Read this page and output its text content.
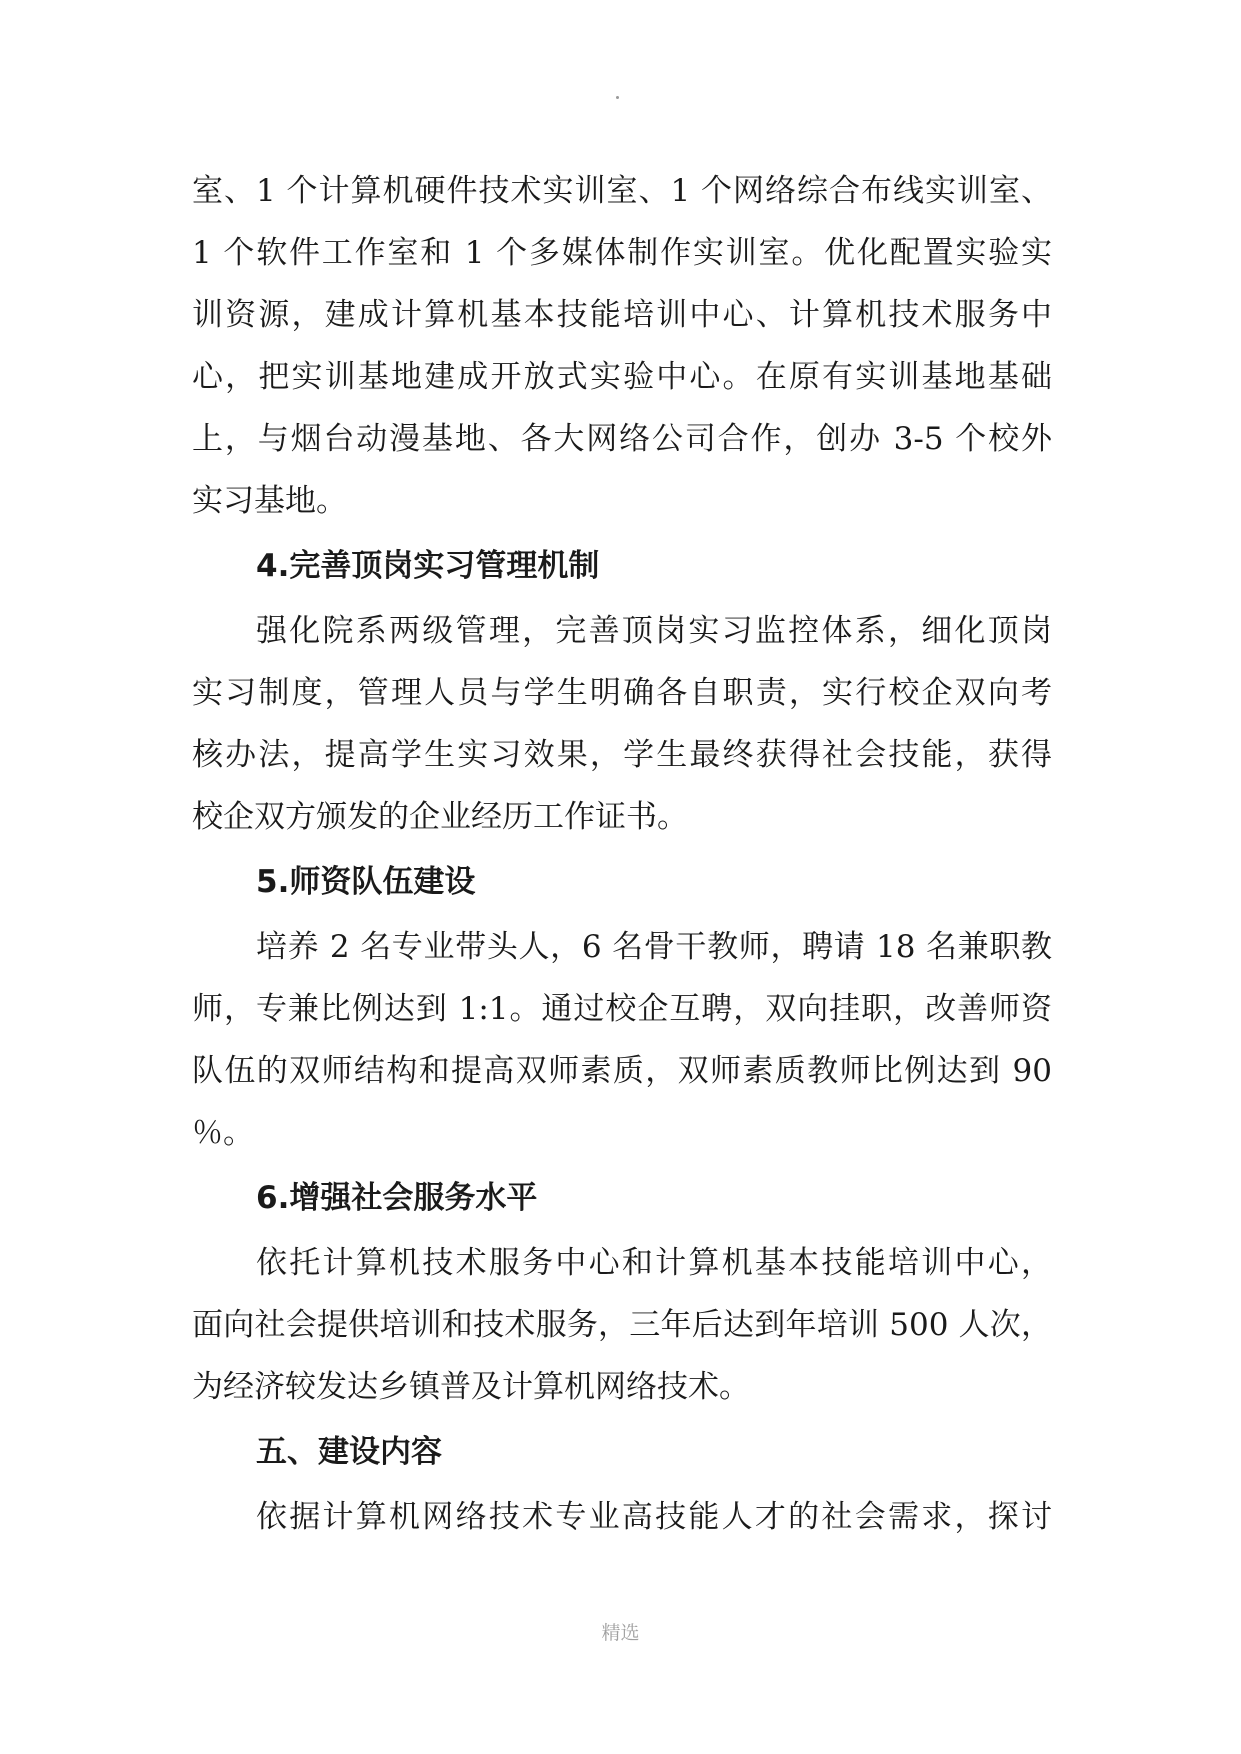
室、1 个计算机硬件技术实训室、1 个网络综合布线实训室、
1 个软件工作室和 1 个多媒体制作实训室。优化配置实验实
训资源，建成计算机基本技能培训中心、计算机技术服务中
心，把实训基地建成开放式实验中心。在原有实训基地基础
上，与烟台动漫基地、各大网络公司合作，创办 3-5 个校外
实习基地。
4.完善顶岗实习管理机制
强化院系两级管理，完善顶岗实习监控体系，细化顶岗
实习制度，管理人员与学生明确各自职责，实行校企双向考
核办法，提高学生实习效果，学生最终获得社会技能，获得
校企双方颁发的企业经历工作证书。
5.师资队伍建设
培养 2 名专业带头人，6 名骨干教师，聘请 18 名兼职教
师，专兼比例达到 1:1。通过校企互聘，双向挂职，改善师资
队伍的双师结构和提高双师素质，双师素质教师比例达到 90
％。
6.增强社会服务水平
依托计算机技术服务中心和计算机基本技能培训中心，
面向社会提供培训和技术服务，三年后达到年培训 500 人次，
为经济较发达乡镇普及计算机网络技术。
五、建设内容
依据计算机网络技术专业高技能人才的社会需求，探讨
精选
